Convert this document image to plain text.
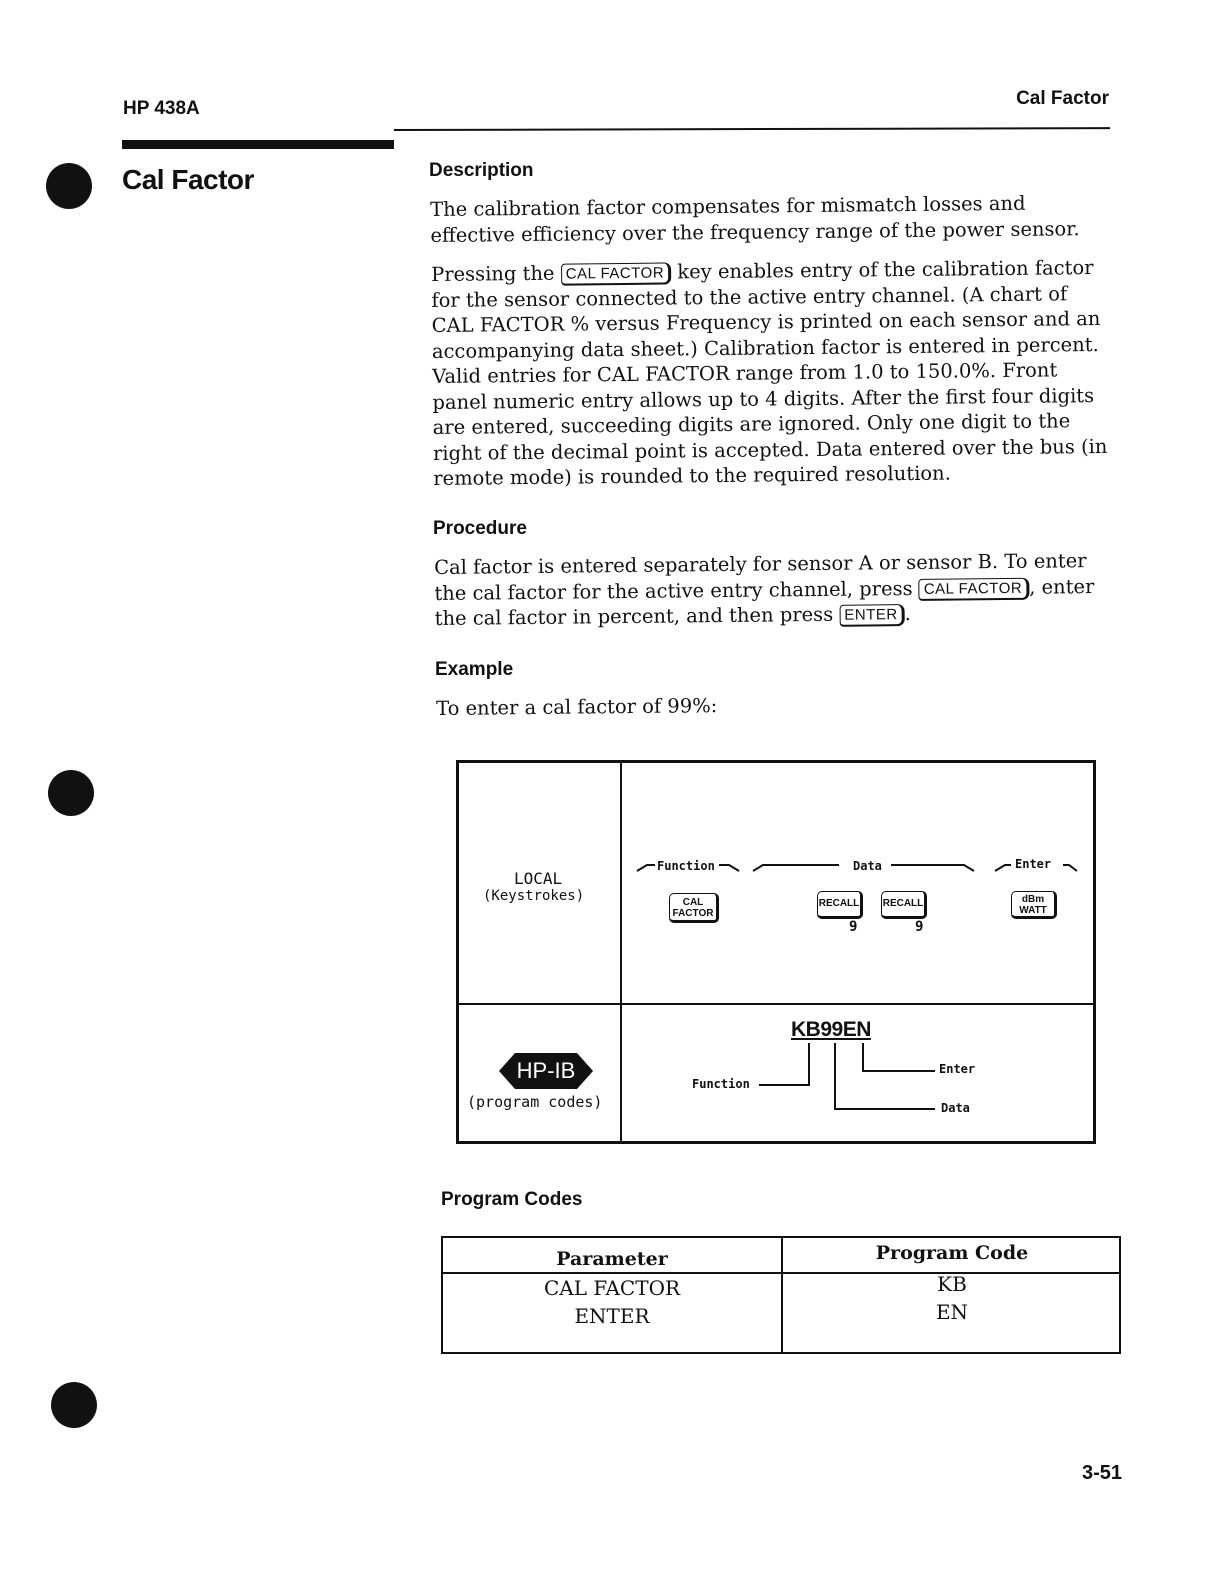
HP 438A	Cal Factor
Cal Factor	Description
The calibration factor compensates for mismatch losses and effective efficiency over the frequency range of the power sensor.
Pressing the CAL FACTOR key enables entry of the calibration factor for the sensor connected to the active entry channel. (A chart of CAL FACTOR % versus Frequency is printed on each sensor and an accompanying data sheet.) Calibration factor is entered in percent. Valid entries for CAL FACTOR range from 1.0 to 150.0%. Front panel numeric entry allows up to 4 digits. After the first four digits are entered, succeeding digits are ignored. Only one digit to the right of the decimal point is accepted. Data entered over the bus (in remote mode) is rounded to the required resolution.
Procedure
Cal factor is entered separately for sensor A or sensor B. To enter the cal factor for the active entry channel, press CAL FACTOR , enter the cal factor in percent, and then press ENTER .
Example
To enter a cal factor of 99%:
LOCAL
(Keystrokes)
Function	Data	Enter
CAL
FACTOR
RECALL
9
RECALL
9
dBm
WATT
HP-IB
(program codes)
KB99EN
Function
Enter
Data
Program Codes
Parameter	Program Code
CAL FACTOR	KB
ENTER	EN
3-51
